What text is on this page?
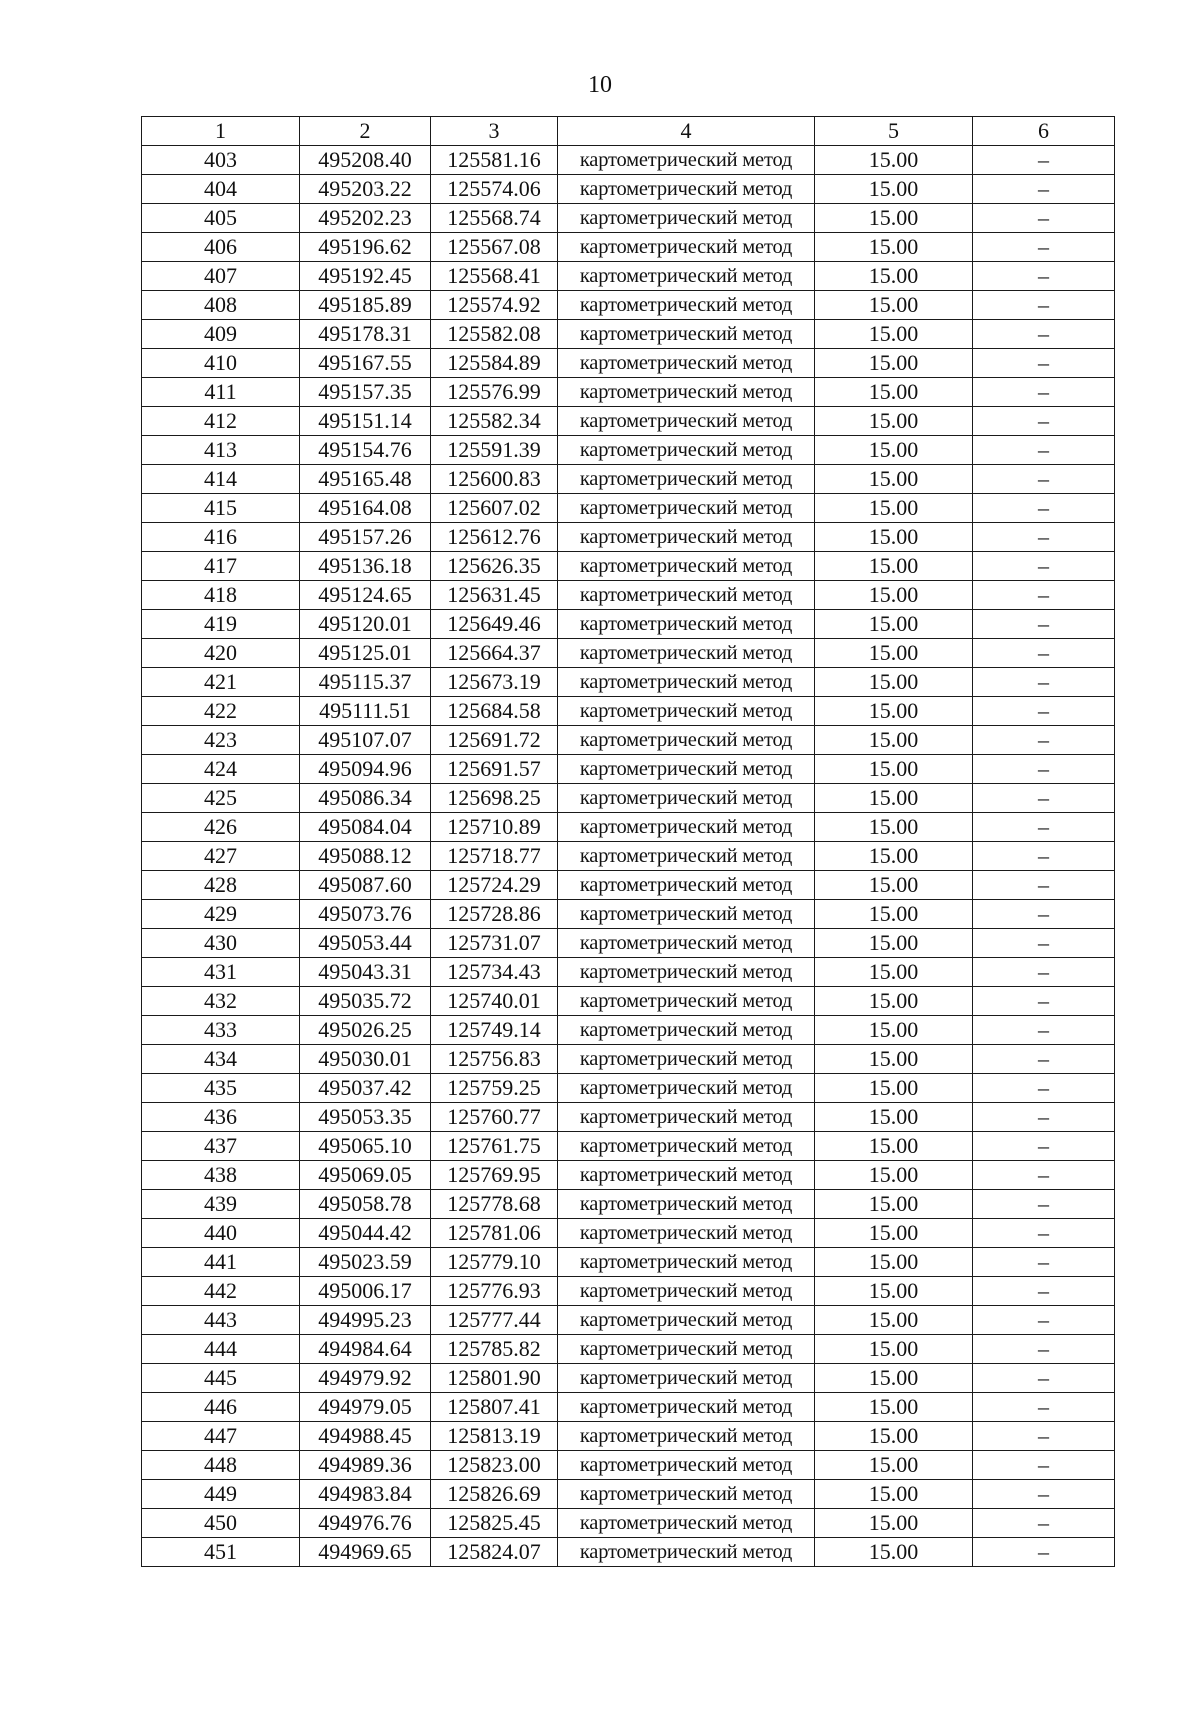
10
1	2	3	4	5	6
403	495208.40	125581.16	картометрический метод	15.00	–
404	495203.22	125574.06	картометрический метод	15.00	–
405	495202.23	125568.74	картометрический метод	15.00	–
406	495196.62	125567.08	картометрический метод	15.00	–
407	495192.45	125568.41	картометрический метод	15.00	–
408	495185.89	125574.92	картометрический метод	15.00	–
409	495178.31	125582.08	картометрический метод	15.00	–
410	495167.55	125584.89	картометрический метод	15.00	–
411	495157.35	125576.99	картометрический метод	15.00	–
412	495151.14	125582.34	картометрический метод	15.00	–
413	495154.76	125591.39	картометрический метод	15.00	–
414	495165.48	125600.83	картометрический метод	15.00	–
415	495164.08	125607.02	картометрический метод	15.00	–
416	495157.26	125612.76	картометрический метод	15.00	–
417	495136.18	125626.35	картометрический метод	15.00	–
418	495124.65	125631.45	картометрический метод	15.00	–
419	495120.01	125649.46	картометрический метод	15.00	–
420	495125.01	125664.37	картометрический метод	15.00	–
421	495115.37	125673.19	картометрический метод	15.00	–
422	495111.51	125684.58	картометрический метод	15.00	–
423	495107.07	125691.72	картометрический метод	15.00	–
424	495094.96	125691.57	картометрический метод	15.00	–
425	495086.34	125698.25	картометрический метод	15.00	–
426	495084.04	125710.89	картометрический метод	15.00	–
427	495088.12	125718.77	картометрический метод	15.00	–
428	495087.60	125724.29	картометрический метод	15.00	–
429	495073.76	125728.86	картометрический метод	15.00	–
430	495053.44	125731.07	картометрический метод	15.00	–
431	495043.31	125734.43	картометрический метод	15.00	–
432	495035.72	125740.01	картометрический метод	15.00	–
433	495026.25	125749.14	картометрический метод	15.00	–
434	495030.01	125756.83	картометрический метод	15.00	–
435	495037.42	125759.25	картометрический метод	15.00	–
436	495053.35	125760.77	картометрический метод	15.00	–
437	495065.10	125761.75	картометрический метод	15.00	–
438	495069.05	125769.95	картометрический метод	15.00	–
439	495058.78	125778.68	картометрический метод	15.00	–
440	495044.42	125781.06	картометрический метод	15.00	–
441	495023.59	125779.10	картометрический метод	15.00	–
442	495006.17	125776.93	картометрический метод	15.00	–
443	494995.23	125777.44	картометрический метод	15.00	–
444	494984.64	125785.82	картометрический метод	15.00	–
445	494979.92	125801.90	картометрический метод	15.00	–
446	494979.05	125807.41	картометрический метод	15.00	–
447	494988.45	125813.19	картометрический метод	15.00	–
448	494989.36	125823.00	картометрический метод	15.00	–
449	494983.84	125826.69	картометрический метод	15.00	–
450	494976.76	125825.45	картометрический метод	15.00	–
451	494969.65	125824.07	картометрический метод	15.00	–
